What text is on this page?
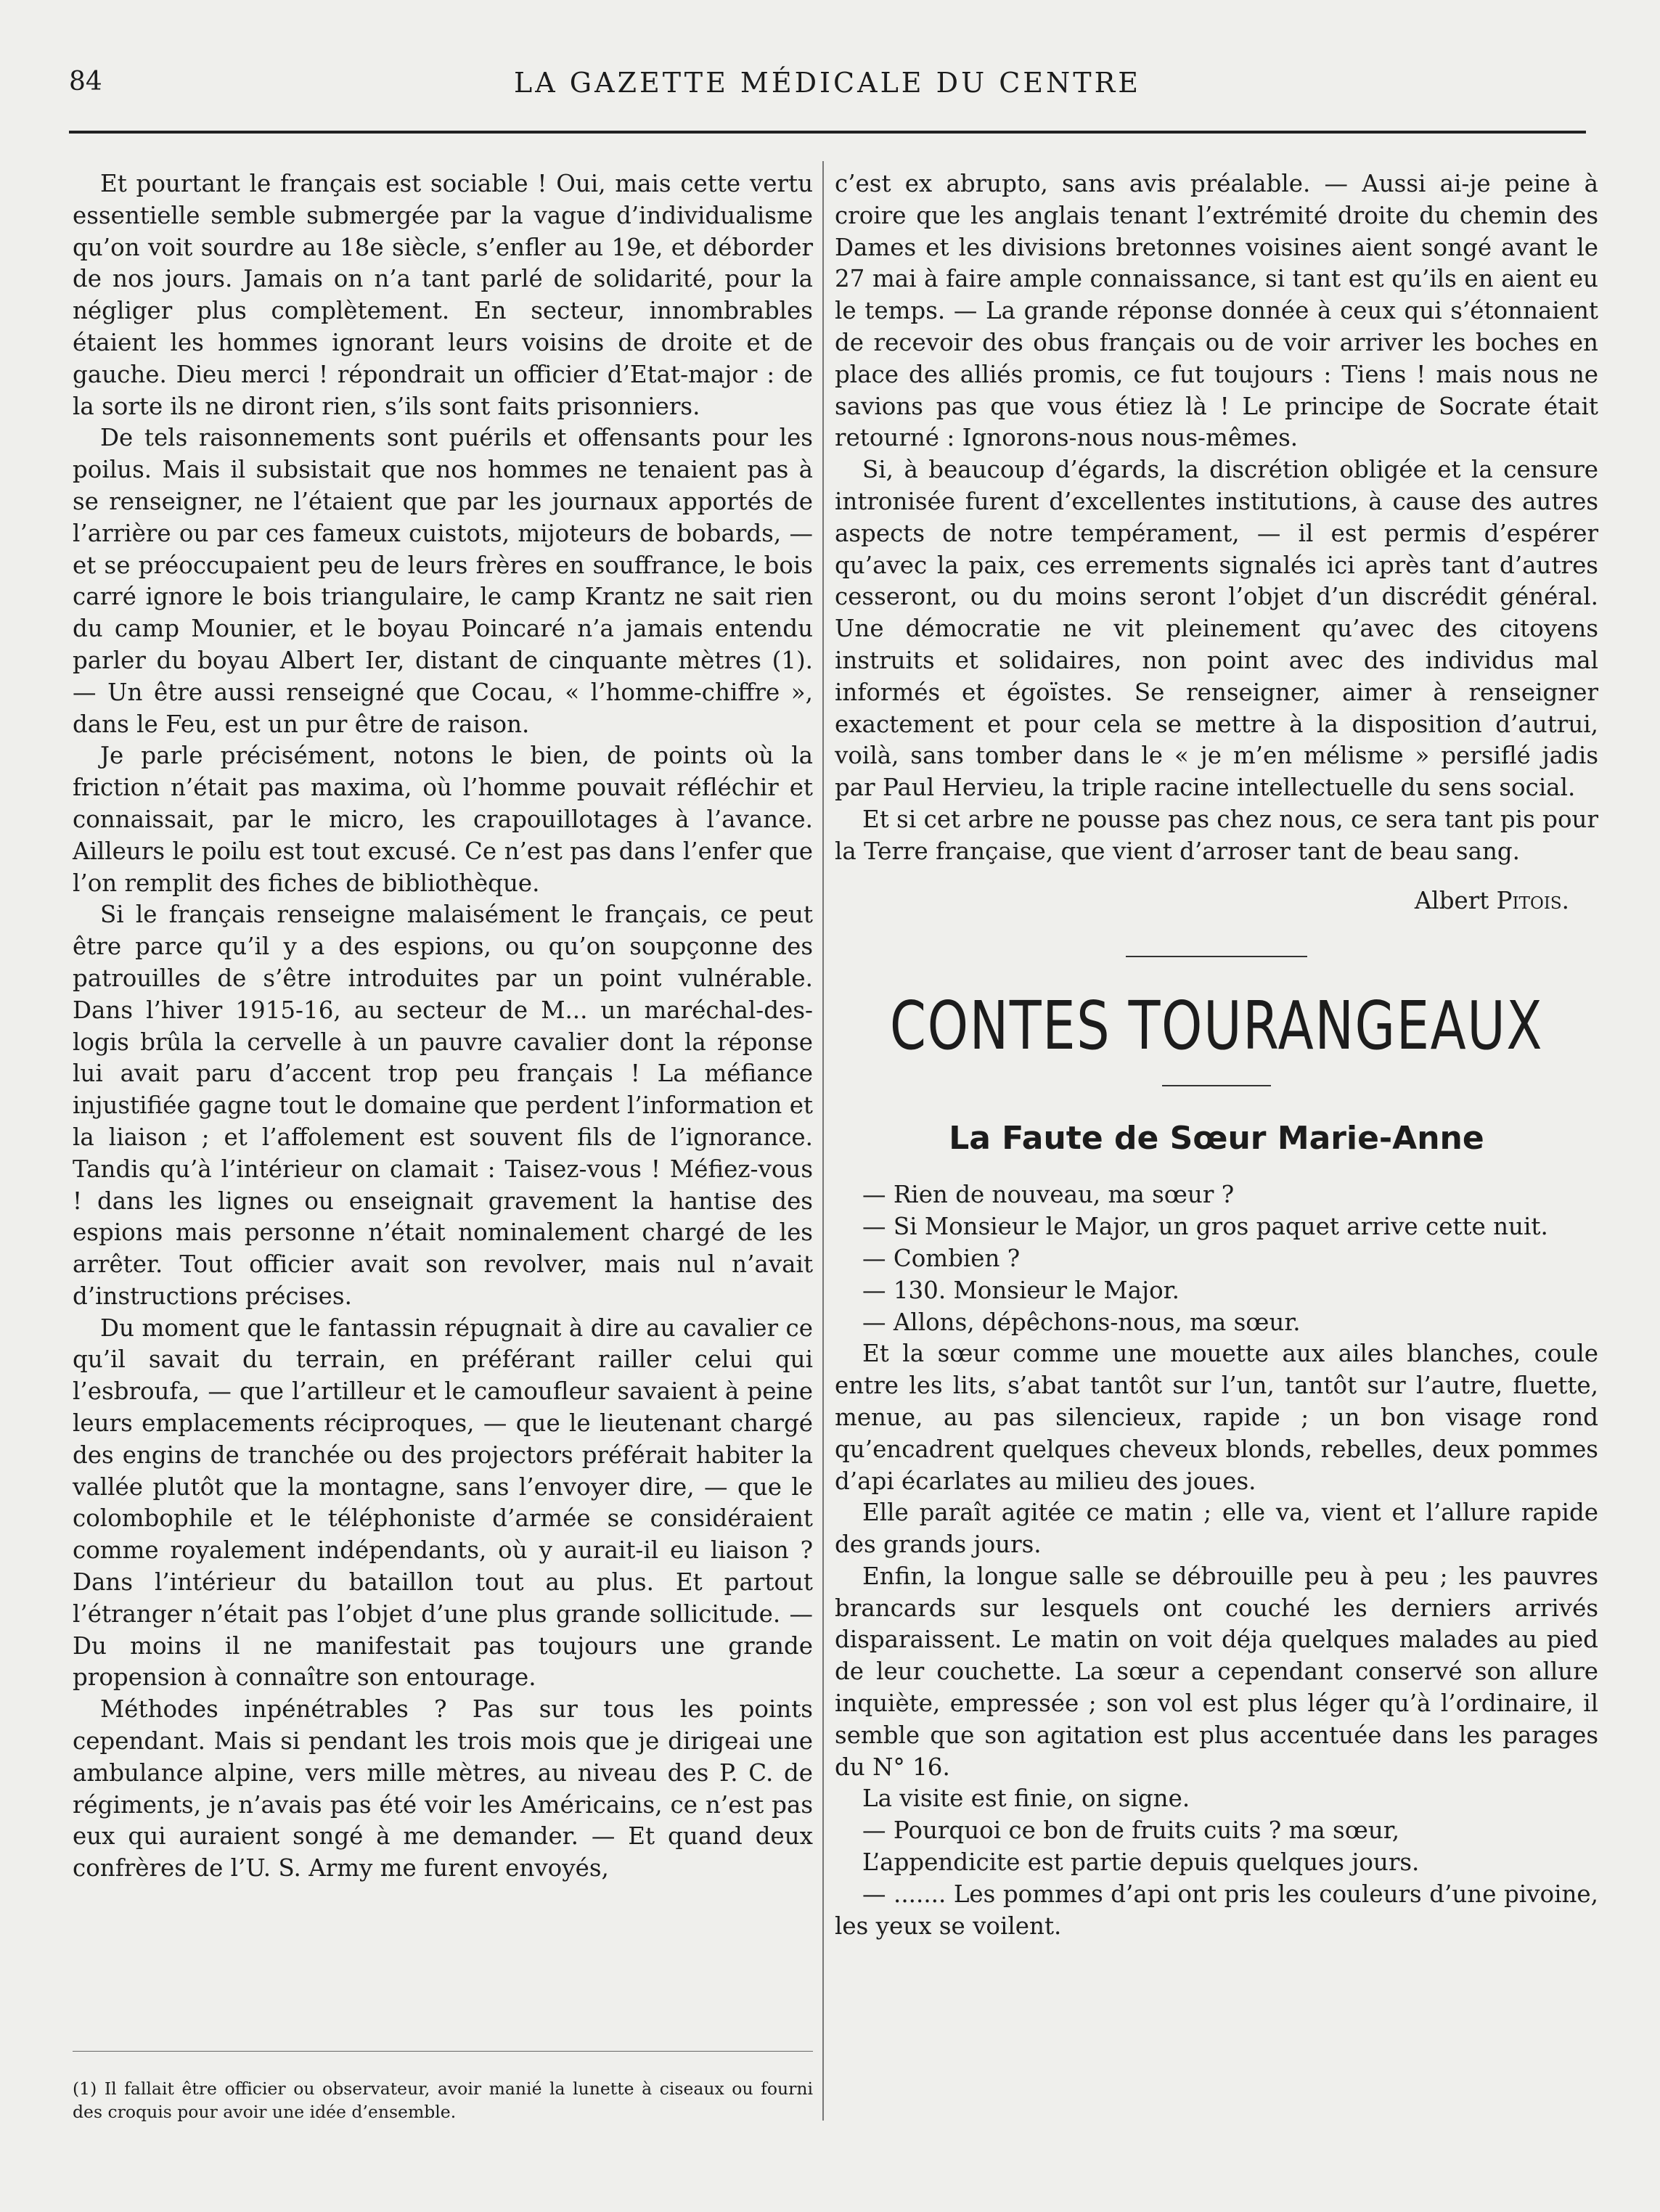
84	LA GAZETTE MÉDICALE DU CENTRE

Et pourtant le français est sociable ! Oui, mais cette vertu essentielle semble submergée par la vague d’individualisme qu’on voit sourdre au 18e siècle, s’enfler au 19e, et déborder de nos jours. Jamais on n’a tant parlé de solidarité, pour la négliger plus complètement. En secteur, innombrables étaient les hommes ignorant leurs voisins de droite et de gauche. Dieu merci ! répondrait un officier d’Etat-major : de la sorte ils ne diront rien, s’ils sont faits prisonniers.

De tels raisonnements sont puérils et offensants pour les poilus. Mais il subsistait que nos hommes ne tenaient pas à se renseigner, ne l’étaient que par les journaux apportés de l’arrière ou par ces fameux cuistots, mijoteurs de bobards, — et se préoccupaient peu de leurs frères en souffrance, le bois carré ignore le bois triangulaire, le camp Krantz ne sait rien du camp Mounier, et le boyau Poincaré n’a jamais entendu parler du boyau Albert Ier, distant de cinquante mètres (1). — Un être aussi renseigné que Cocau, « l’homme-chiffre », dans le Feu, est un pur être de raison.

Je parle précisément, notons le bien, de points où la friction n’était pas maxima, où l’homme pouvait réfléchir et connaissait, par le micro, les crapouillotages à l’avance. Ailleurs le poilu est tout excusé. Ce n’est pas dans l’enfer que l’on remplit des fiches de bibliothèque.

Si le français renseigne malaisément le français, ce peut être parce qu’il y a des espions, ou qu’on soupçonne des patrouilles de s’être introduites par un point vulnérable. Dans l’hiver 1915-16, au secteur de M... un maréchal-des-logis brûla la cervelle à un pauvre cavalier dont la réponse lui avait paru d’accent trop peu français ! La méfiance injustifiée gagne tout le domaine que perdent l’information et la liaison ; et l’affolement est souvent fils de l’ignorance. Tandis qu’à l’intérieur on clamait : Taisez-vous ! Méfiez-vous ! dans les lignes ou enseignait gravement la hantise des espions mais personne n’était nominalement chargé de les arrêter. Tout officier avait son revolver, mais nul n’avait d’instructions précises.

Du moment que le fantassin répugnait à dire au cavalier ce qu’il savait du terrain, en préférant railler celui qui l’esbroufa, — que l’artilleur et le camoufleur savaient à peine leurs emplacements réciproques, — que le lieutenant chargé des engins de tranchée ou des projectors préférait habiter la vallée plutôt que la montagne, sans l’envoyer dire, — que le colombophile et le téléphoniste d’armée se considéraient comme royalement indépendants, où y aurait-il eu liaison ? Dans l’intérieur du bataillon tout au plus. Et partout l’étranger n’était pas l’objet d’une plus grande sollicitude. — Du moins il ne manifestait pas toujours une grande propension à connaître son entourage.

Méthodes inpénétrables ? Pas sur tous les points cependant. Mais si pendant les trois mois que je dirigeai une ambulance alpine, vers mille mètres, au niveau des P. C. de régiments, je n’avais pas été voir les Américains, ce n’est pas eux qui auraient songé à me demander. — Et quand deux confrères de l’U. S. Army me furent envoyés,

c’est ex abrupto, sans avis préalable. — Aussi ai-je peine à croire que les anglais tenant l’extrémité droite du chemin des Dames et les divisions bretonnes voisines aient songé avant le 27 mai à faire ample connaissance, si tant est qu’ils en aient eu le temps. — La grande réponse donnée à ceux qui s’étonnaient de recevoir des obus français ou de voir arriver les boches en place des alliés promis, ce fut toujours : Tiens ! mais nous ne savions pas que vous étiez là ! Le principe de Socrate était retourné : Ignorons-nous nous-mêmes.

Si, à beaucoup d’égards, la discrétion obligée et la censure intronisée furent d’excellentes institutions, à cause des autres aspects de notre tempérament, — il est permis d’espérer qu’avec la paix, ces errements signalés ici après tant d’autres cesseront, ou du moins seront l’objet d’un discrédit général. Une démocratie ne vit pleinement qu’avec des citoyens instruits et solidaires, non point avec des individus mal informés et égoïstes. Se renseigner, aimer à renseigner exactement et pour cela se mettre à la disposition d’autrui, voilà, sans tomber dans le « je m’en mélisme » persiflé jadis par Paul Hervieu, la triple racine intellectuelle du sens social.

Et si cet arbre ne pousse pas chez nous, ce sera tant pis pour la Terre française, que vient d’arroser tant de beau sang.

Albert Pitois.

CONTES TOURANGEAUX
La Faute de Sœur Marie-Anne

— Rien de nouveau, ma sœur ?

— Si Monsieur le Major, un gros paquet arrive cette nuit.

— Combien ?

— 130. Monsieur le Major.

— Allons, dépêchons-nous, ma sœur.

Et la sœur comme une mouette aux ailes blanches, coule entre les lits, s’abat tantôt sur l’un, tantôt sur l’autre, fluette, menue, au pas silencieux, rapide ; un bon visage rond qu’encadrent quelques cheveux blonds, rebelles, deux pommes d’api écarlates au milieu des joues.

Elle paraît agitée ce matin ; elle va, vient et l’allure rapide des grands jours.

Enfin, la longue salle se débrouille peu à peu ; les pauvres brancards sur lesquels ont couché les derniers arrivés disparaissent. Le matin on voit déja quelques malades au pied de leur couchette. La sœur a cependant conservé son allure inquiète, empressée ; son vol est plus léger qu’à l’ordinaire, il semble que son agitation est plus accentuée dans les parages du N° 16.

La visite est finie, on signe.

— Pourquoi ce bon de fruits cuits ? ma sœur,

L’appendicite est partie depuis quelques jours.

— ....... Les pommes d’api ont pris les couleurs d’une pivoine, les yeux se voilent.

(1) Il fallait être officier ou observateur, avoir manié la lunette à ciseaux ou fourni des croquis pour avoir une idée d’ensemble.
